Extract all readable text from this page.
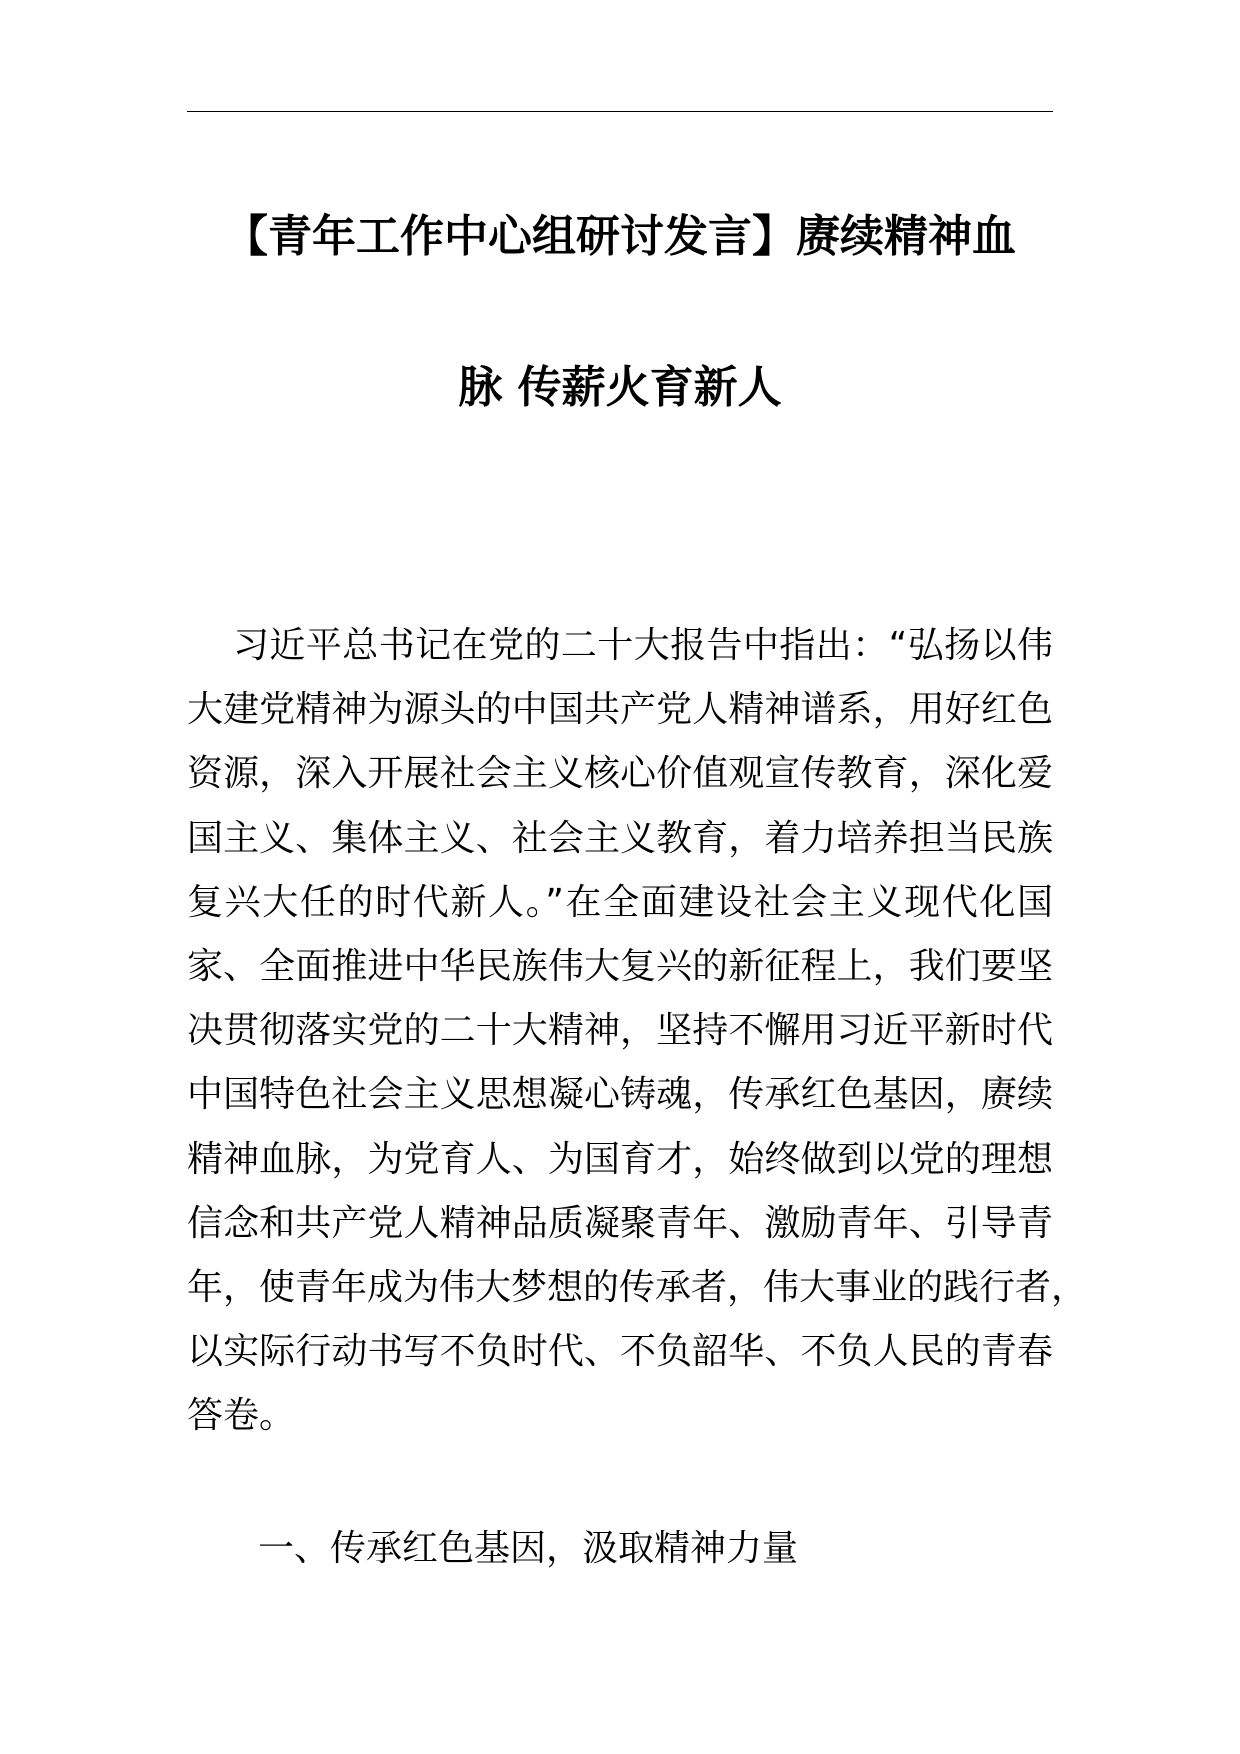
【青年工作中心组研讨发言】赓续精神血
脉 传薪火育新人
习近平总书记在党的二十大报告中指出：“弘扬以伟
大建党精神为源头的中国共产党人精神谱系，用好红色
资源，深入开展社会主义核心价值观宣传教育，深化爱
国主义、集体主义、社会主义教育，着力培养担当民族
复兴大任的时代新人。”在全面建设社会主义现代化国
家、全面推进中华民族伟大复兴的新征程上，我们要坚
决贯彻落实党的二十大精神，坚持不懈用习近平新时代
中国特色社会主义思想凝心铸魂，传承红色基因，赓续
精神血脉，为党育人、为国育才，始终做到以党的理想
信念和共产党人精神品质凝聚青年、激励青年、引导青
年，使青年成为伟大梦想的传承者，伟大事业的践行者，
以实际行动书写不负时代、不负韶华、不负人民的青春
答卷。
一、传承红色基因，汲取精神力量
